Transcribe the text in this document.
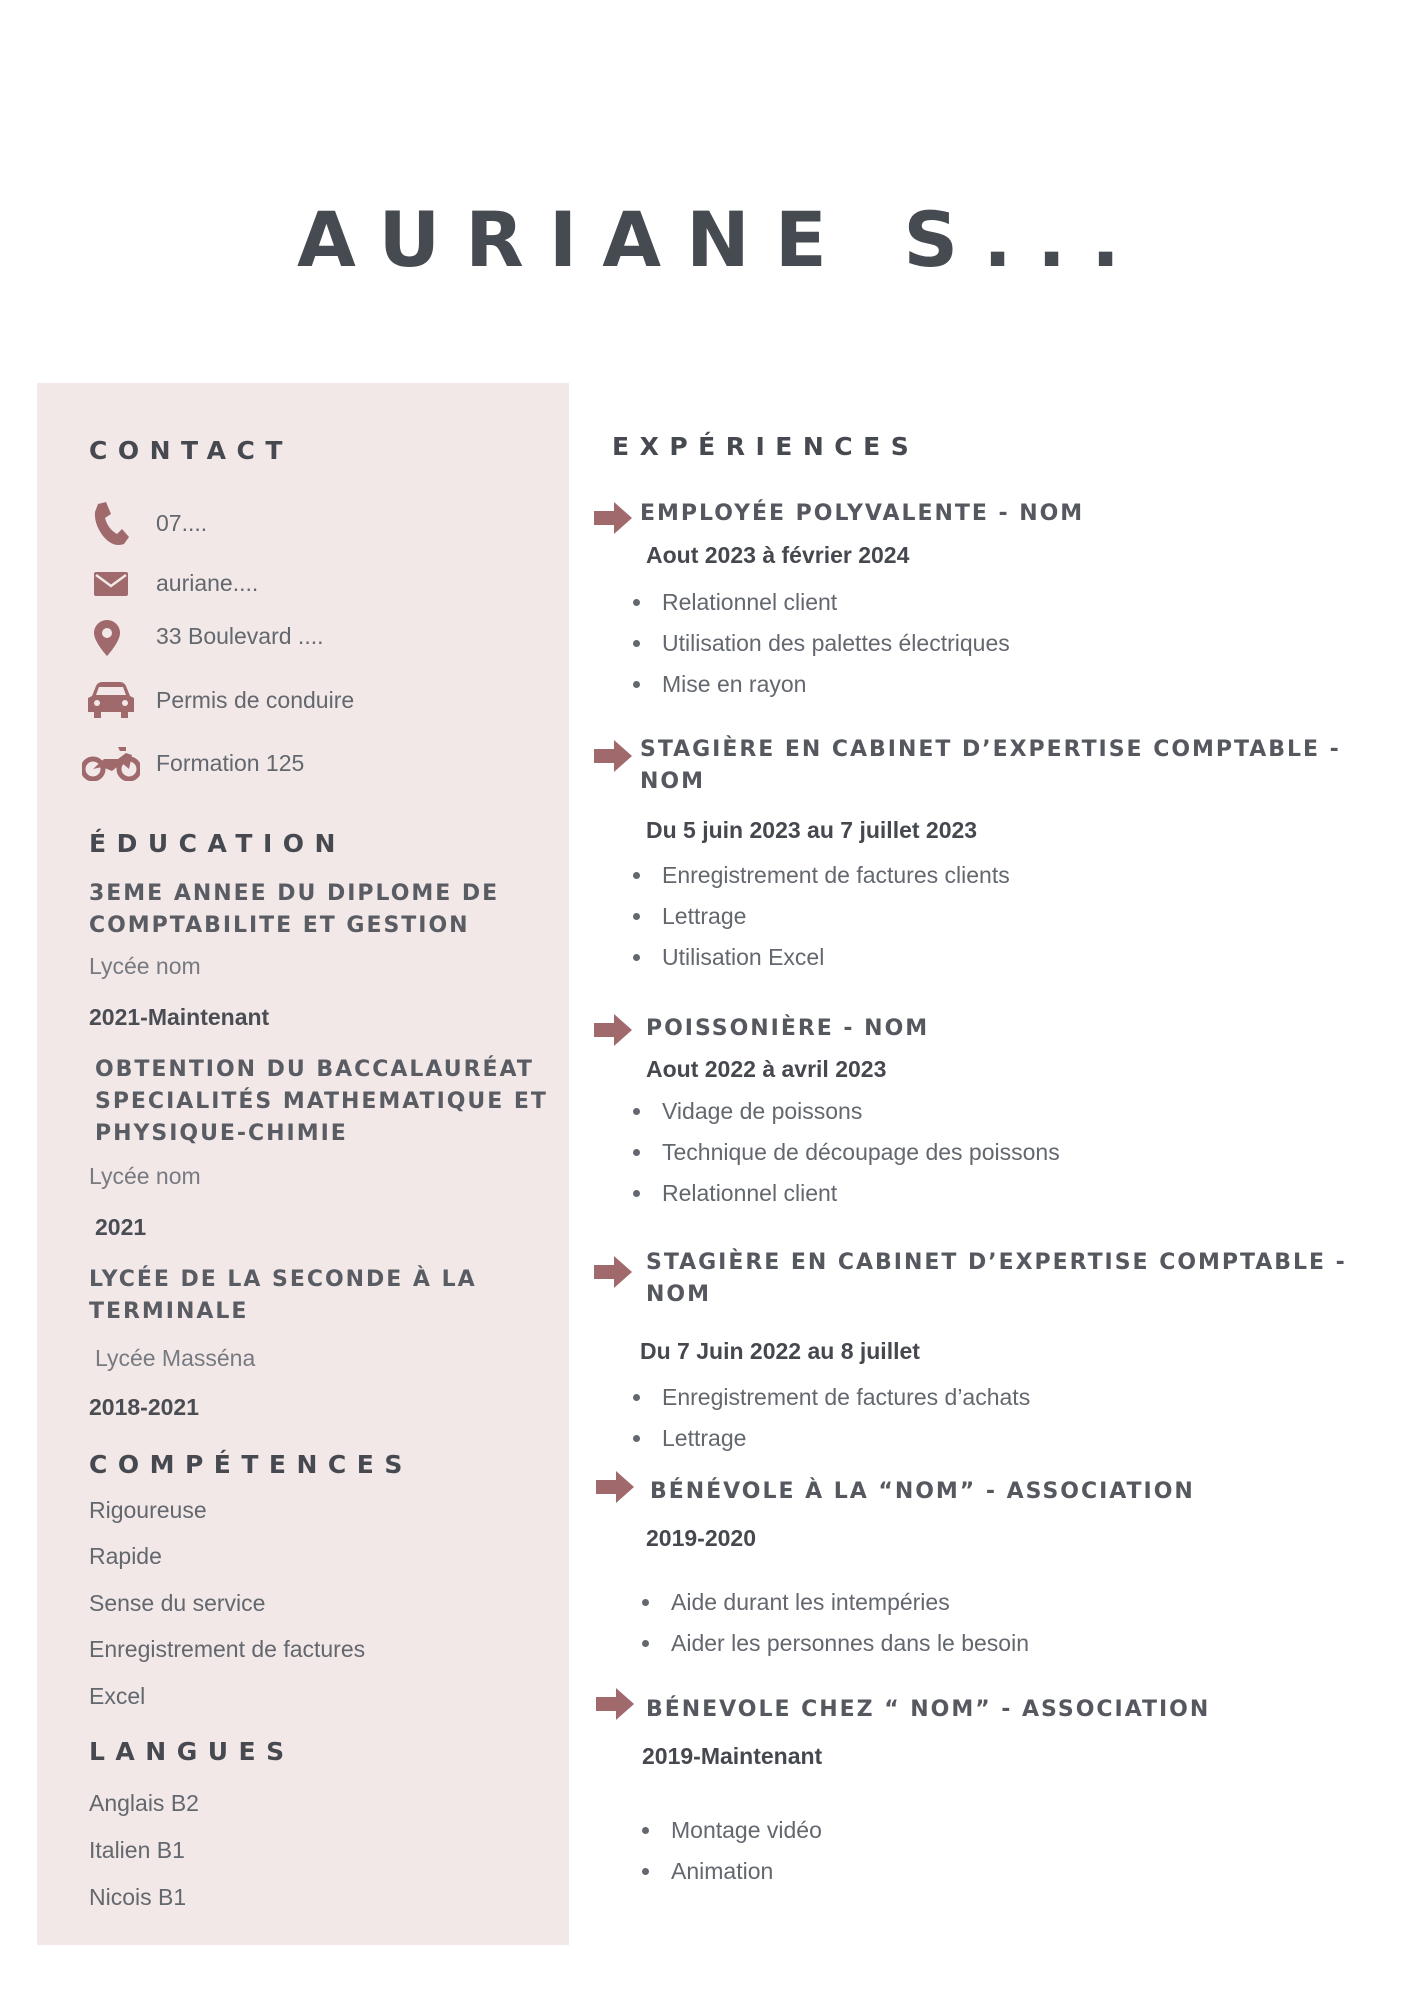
AURIANE S...
CONTACT
07....
auriane....
33 Boulevard ....
Permis de conduire
Formation 125
ÉDUCATION
3EME ANNEE DU DIPLOME DE
COMPTABILITE ET GESTION
Lycée nom
2021-Maintenant
OBTENTION DU BACCALAURÉAT
SPECIALITÉS MATHEMATIQUE ET
PHYSIQUE-CHIMIE
Lycée nom
2021
LYCÉE DE LA SECONDE À LA
TERMINALE
Lycée Masséna
2018-2021
COMPÉTENCES
Rigoureuse
Rapide
Sense du service
Enregistrement de factures
Excel
LANGUES
Anglais B2
Italien B1
Nicois B1
EXPÉRIENCES
EMPLOYÉE POLYVALENTE - NOM
Aout 2023 à février 2024
Relationnel client
Utilisation des palettes électriques
Mise en rayon
STAGIÈRE EN CABINET D’EXPERTISE COMPTABLE -
NOM
Du 5 juin 2023 au 7 juillet 2023
Enregistrement de factures clients
Lettrage
Utilisation Excel
POISSONIÈRE - NOM
Aout 2022 à avril 2023
Vidage de poissons
Technique de découpage des poissons
Relationnel client
STAGIÈRE EN CABINET D’EXPERTISE COMPTABLE -
NOM
Du 7 Juin 2022 au 8 juillet
Enregistrement de factures d’achats
Lettrage
BÉNÉVOLE À LA “NOM” - ASSOCIATION
2019-2020
Aide durant les intempéries
Aider les personnes dans le besoin
BÉNEVOLE CHEZ “ NOM” - ASSOCIATION
2019-Maintenant
Montage vidéo
Animation
